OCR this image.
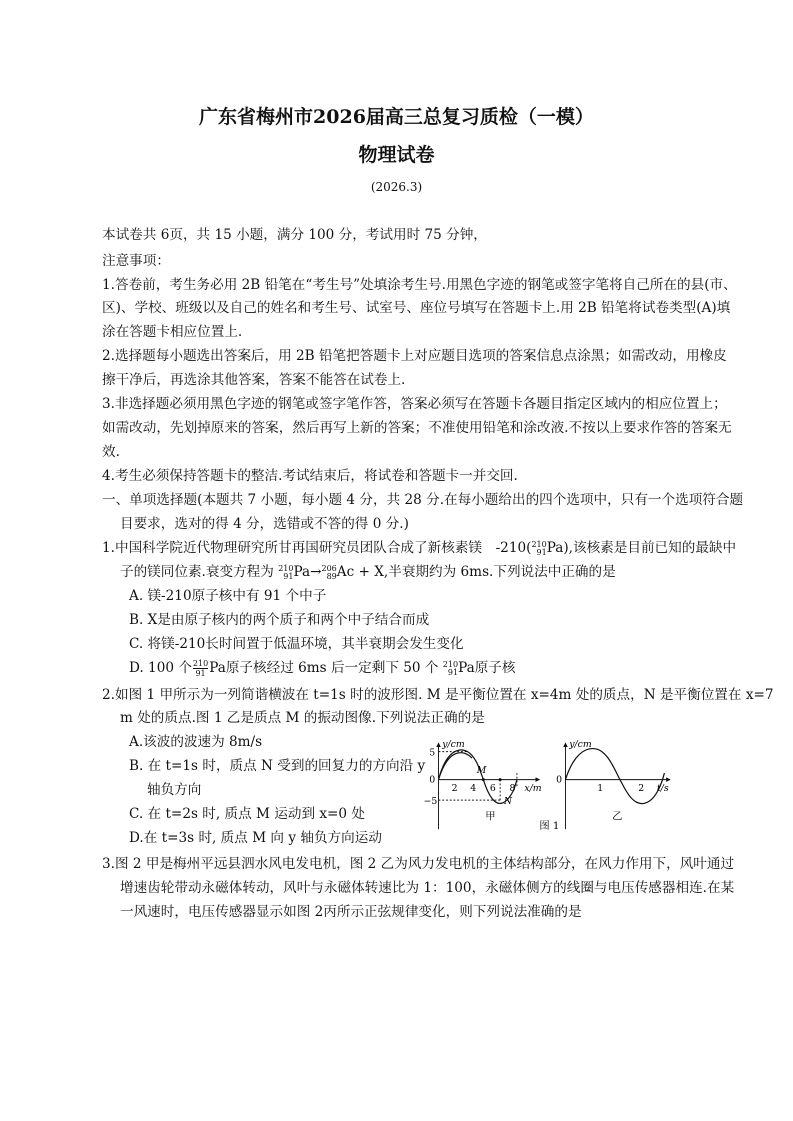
广东省梅州市2026届高三总复习质检（一模）
物理试卷
(2026.3)
本试卷共 6页，共 15 小题，满分 100 分，考试用时 75 分钟，
注意事项：
1.答卷前，考生务必用 2B 铅笔在“考生号”处填涂考生号.用黑色字迹的钢笔或签字笔将自己所在的县(市、
区)、学校、班级以及自己的姓名和考生号、试室号、座位号填写在答题卡上.用 2B 铅笔将试卷类型(A)填
涂在答题卡相应位置上.
2.选择题每小题选出答案后，用 2B 铅笔把答题卡上对应题目选项的答案信息点涂黑；如需改动，用橡皮
擦干净后，再选涂其他答案，答案不能答在试卷上.
3.非选择题必须用黑色字迹的钢笔或签字笔作答，答案必须写在答题卡各题目指定区域内的相应位置上；
如需改动，先划掉原来的答案，然后再写上新的答案；不准使用铅笔和涂改液.不按以上要求作答的答案无
效.
4.考生必须保持答题卡的整洁.考试结束后，将试卷和答题卡一并交回.
一、单项选择题(本题共 7 小题，每小题 4 分，共 28 分.在每小题给出的四个选项中，只有一个选项符合题
目要求，选对的得 4 分，选错或不答的得 0 分.)
1.中国科学院近代物理研究所甘再国研究员团队合成了新核素镁　-210( 210
91 Pa),该核素是目前已知的最缺中
子的镁同位素.衰变方程为 210
91 Pa→ 206
89 Ac + X,半衰期约为 6ms.下列说法中正确的是
A. 镁-210原子核中有 91 个中子
B. X是由原子核内的两个质子和两个中子结合而成
C. 将镁-210长时间置于低温环境，其半衰期会发生变化
D. 100 个 $\frac{210}{91}$ Pa原子核经过 6ms 后一定剩下 50 个 210
91 Pa原子核
2.如图 1 甲所示为一列简谐横波在 t=1s 时的波形图. M 是平衡位置在 x=4m 处的质点，N 是平衡位置在 x=7
m 处的质点.图 1 乙是质点 M 的振动图像.下列说法正确的是
A.该波的波速为 8m/s
B. 在 t=1s 时，质点 N 受到的回复力的方向沿 y
轴负方向
C. 在 t=2s 时, 质点 M 运动到 x=0 处
D.在 t=3s 时, 质点 M 向 y 轴负方向运动
5
0
−5
2 4 6 8
y/cm
x/m
M
N
甲
y/cm
0
1	2 t/s
乙
图 1
3.图 2 甲是梅州平远县泗水风电发电机，图 2 乙为风力发电机的主体结构部分，在风力作用下，风叶通过
增速齿轮带动永磁体转动，风叶与永磁体转速比为 1：100，永磁体侧方的线圈与电压传感器相连.在某
一风速时，电压传感器显示如图 2丙所示正弦规律变化，则下列说法准确的是
